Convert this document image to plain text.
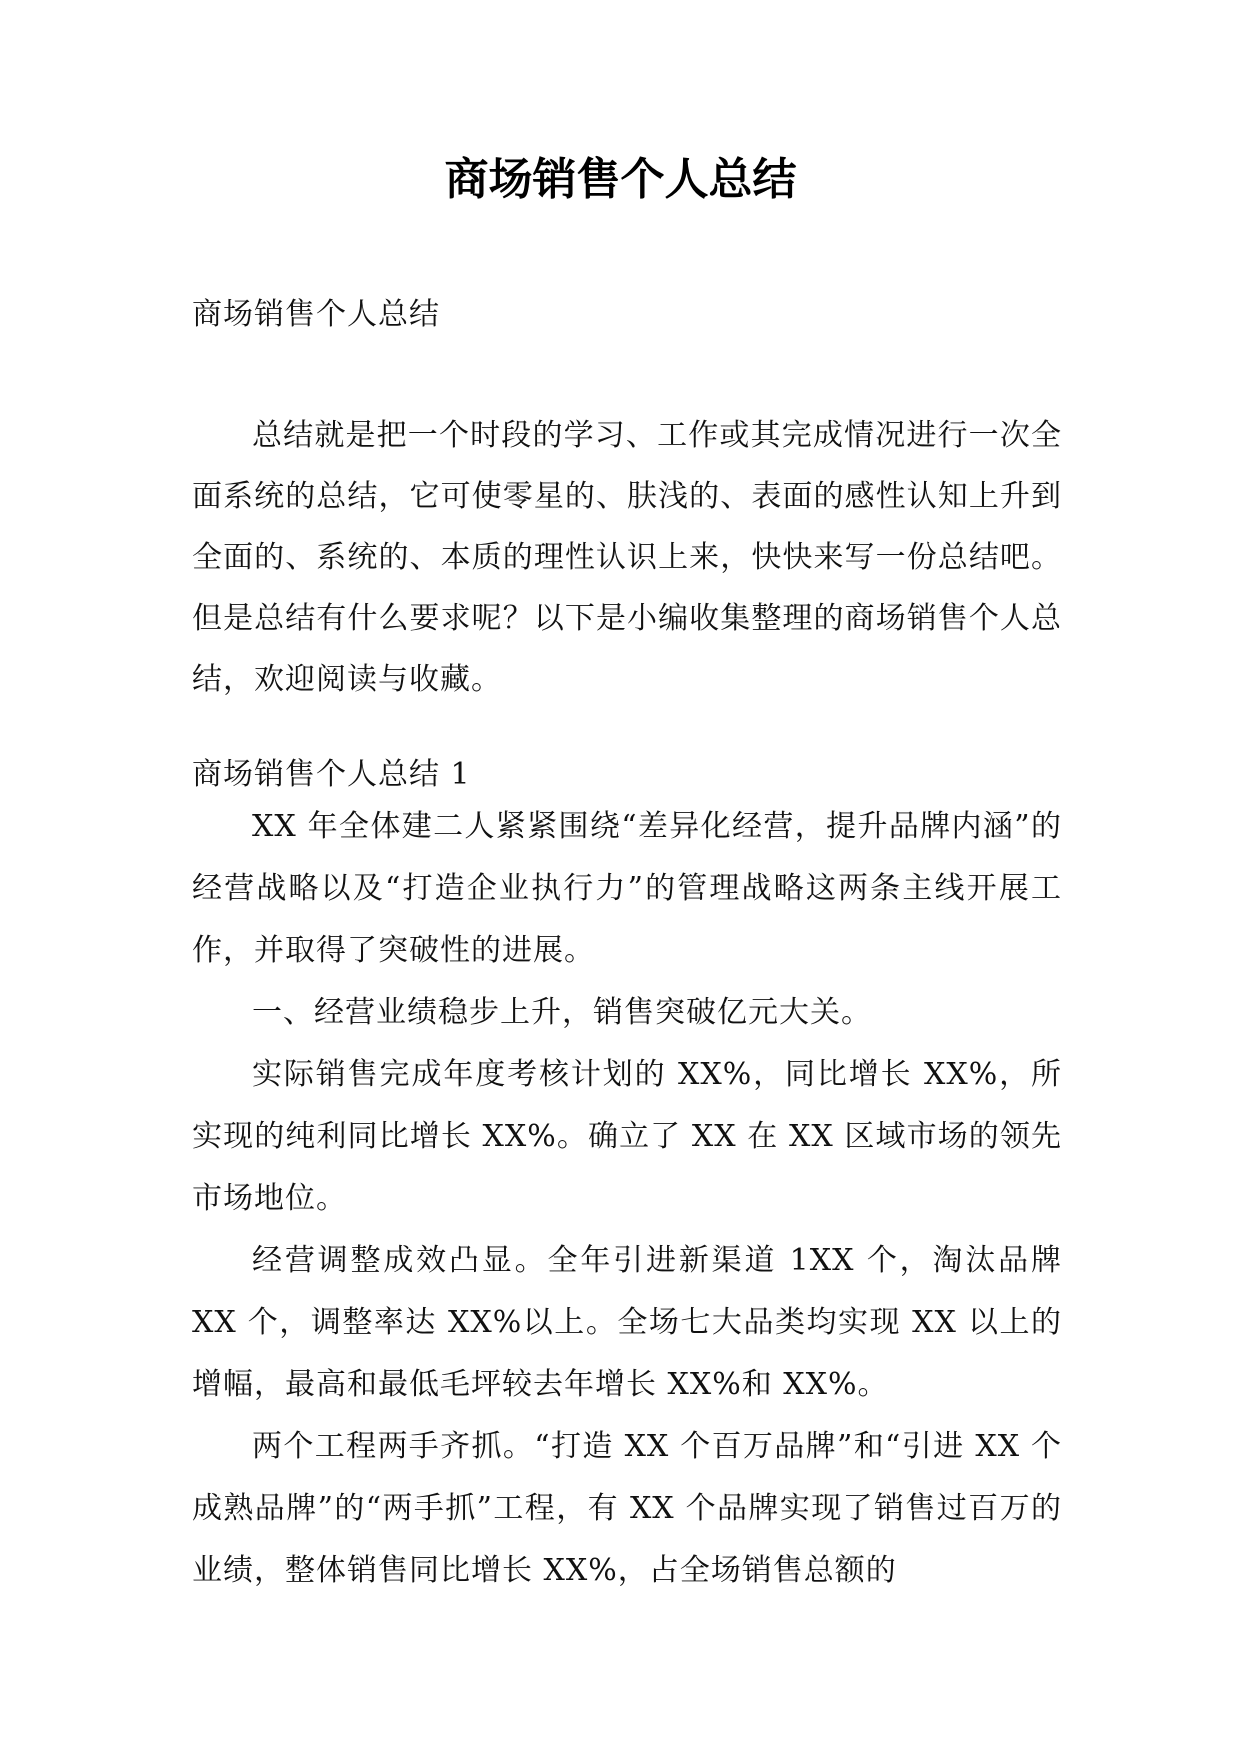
商场销售个人总结
商场销售个人总结
总结就是把一个时段的学习、工作或其完成情况进行一次全面系统的总结，它可使零星的、肤浅的、表面的感性认知上升到全面的、系统的、本质的理性认识上来，快快来写一份总结吧。但是总结有什么要求呢？以下是小编收集整理的商场销售个人总结，欢迎阅读与收藏。
商场销售个人总结 1

XX 年全体建二人紧紧围绕“差异化经营，提升品牌内涵”的经营战略以及“打造企业执行力”的管理战略这两条主线开展工作，并取得了突破性的进展。

一、经营业绩稳步上升，销售突破亿元大关。

实际销售完成年度考核计划的 XX%，同比增长 XX%，所实现的纯利同比增长 XX%。确立了 XX 在 XX 区域市场的领先市场地位。

经营调整成效凸显。全年引进新渠道 1XX 个，淘汰品牌 XX 个，调整率达 XX%以上。全场七大品类均实现 XX 以上的增幅，最高和最低毛坪较去年增长 XX%和 XX%。

两个工程两手齐抓。“打造 XX 个百万品牌”和“引进 XX 个成熟品牌”的“两手抓”工程，有 XX 个品牌实现了销售过百万的业绩，整体销售同比增长 XX%，占全场销售总额的
